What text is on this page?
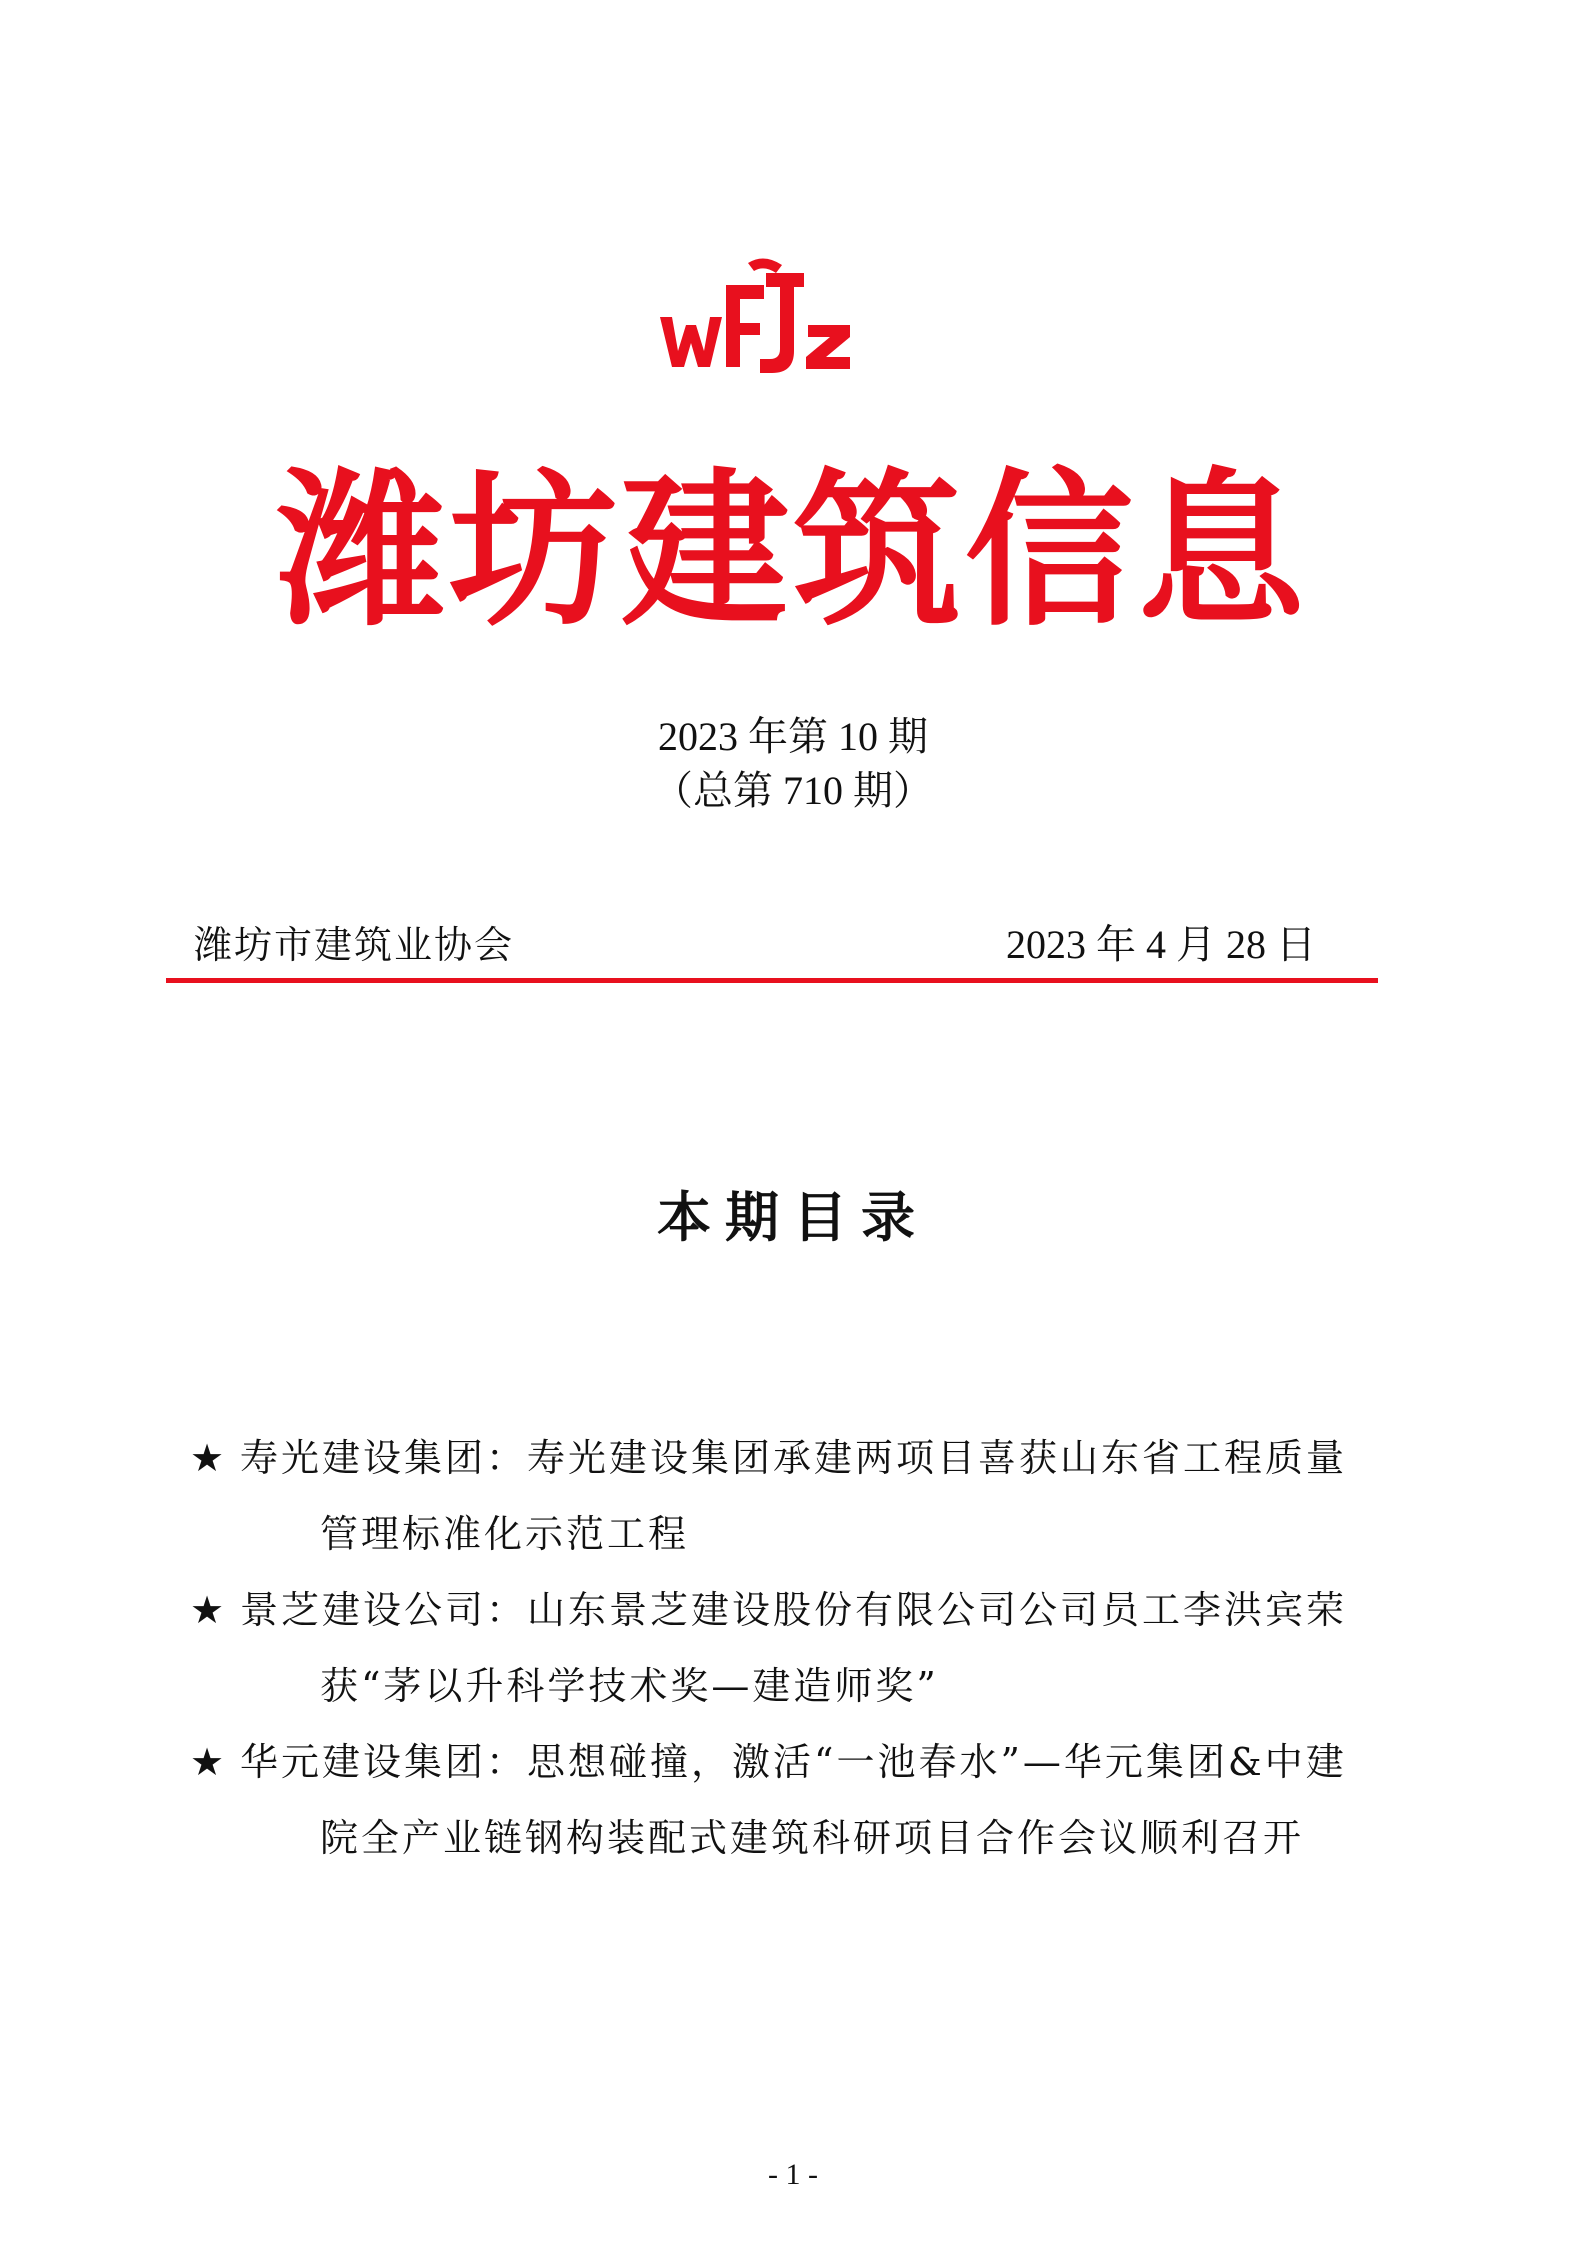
潍坊建筑信息
2023 年第 10 期
（总第 710 期）
潍坊市建筑业协会	2023 年 4 月 28 日
本期目录
★ 寿光建设集团：寿光建设集团承建两项目喜获山东省工程质量
管理标准化示范工程
★ 景芝建设公司：山东景芝建设股份有限公司公司员工李洪宾荣
获“茅以升科学技术奖—建造师奖”
★ 华元建设集团：思想碰撞，激活“一池春水”—华元集团&中建
院全产业链钢构装配式建筑科研项目合作会议顺利召开
- 1 -
